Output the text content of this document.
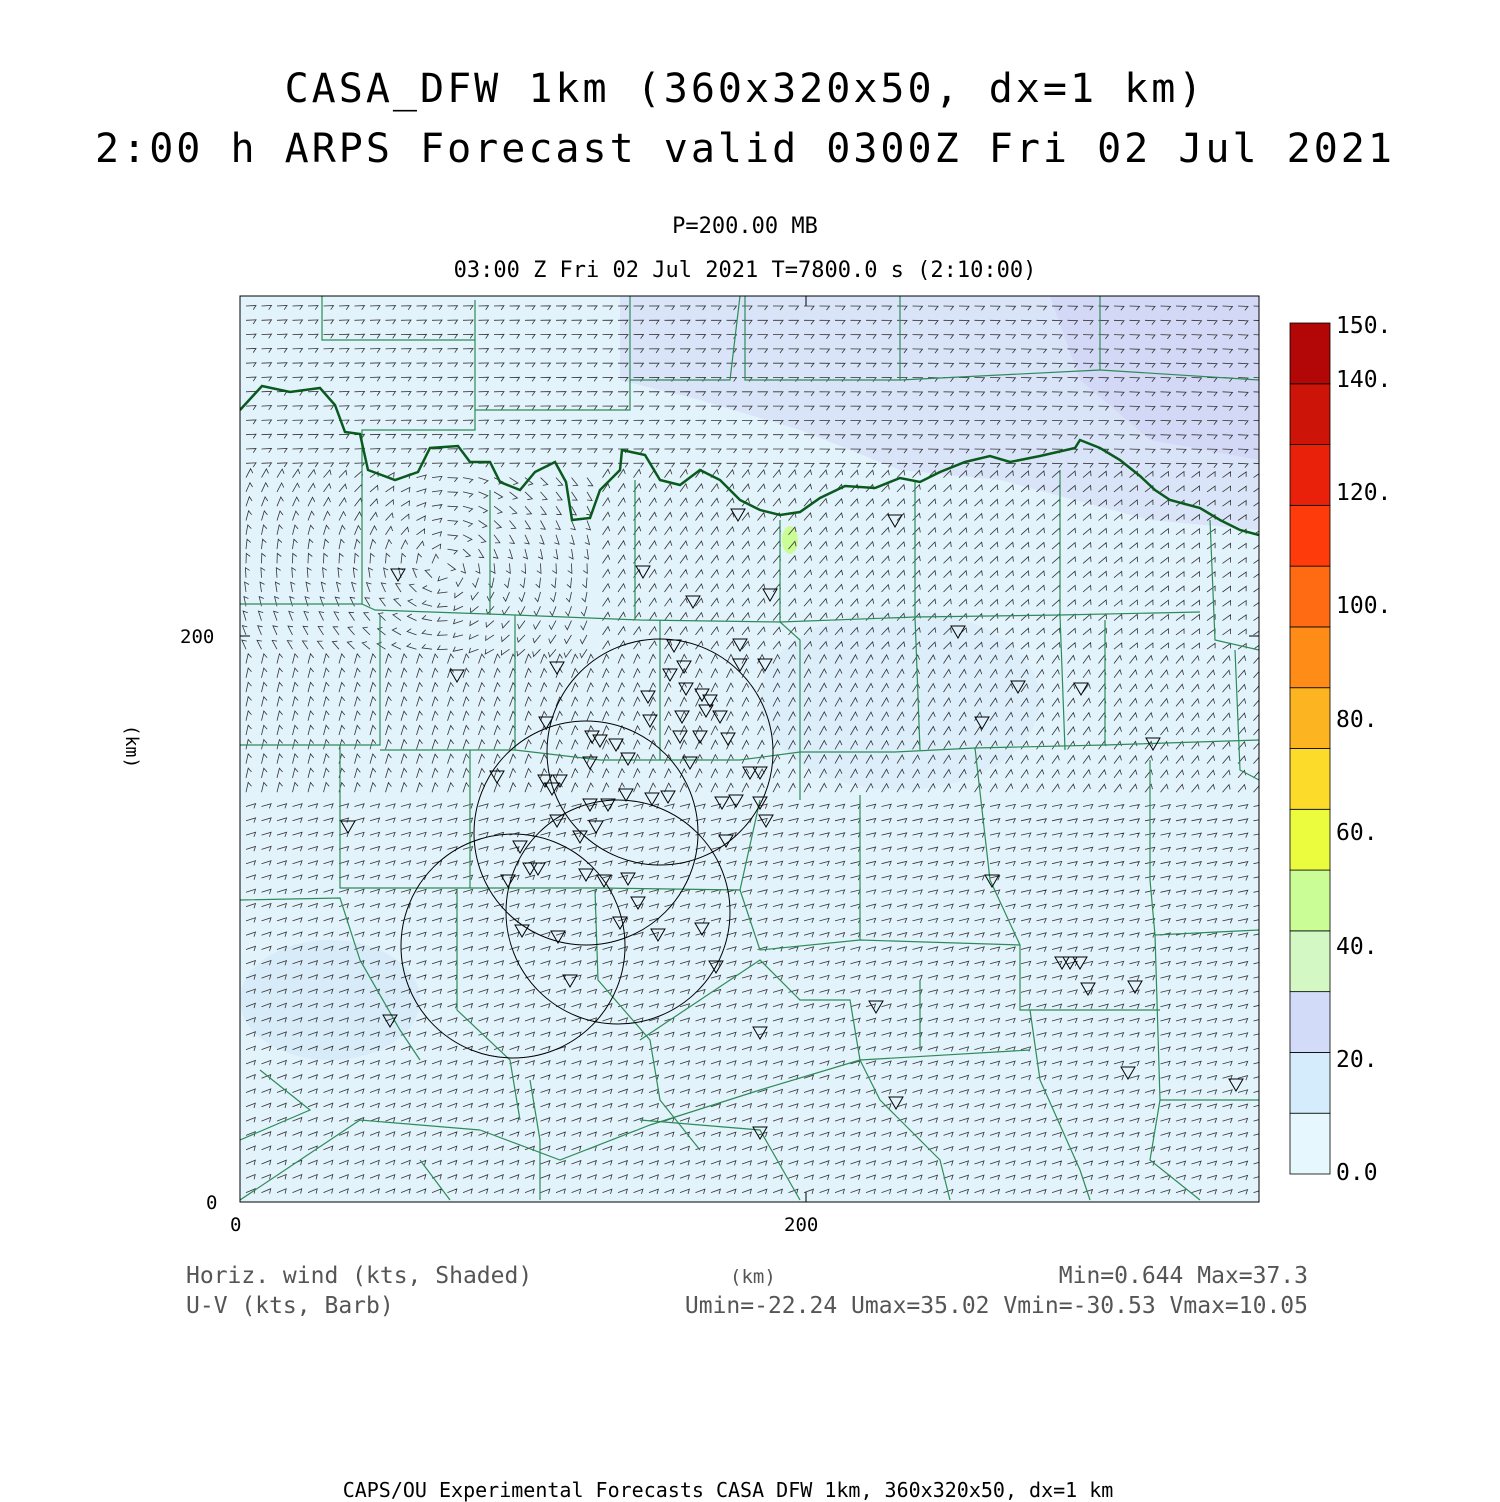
CASA_DFW 1km (360x320x50, dx=1 km)
2:00 h ARPS Forecast valid 0300Z Fri 02 Jul 2021
P=200.00 MB
03:00 Z Fri 02 Jul 2021 T=7800.0 s (2:10:00)
0	200
0
200
(km)
150.
140.
120.
100.
80.
60.
40.
20.
0.0
Horiz. wind (kts, Shaded)
U-V (kts, Barb)
(km)	Min=0.644 Max=37.3
Umin=-22.24 Umax=35.02 Vmin=-30.53 Vmax=10.05
CAPS/OU Experimental Forecasts CASA DFW 1km, 360x320x50, dx=1 km
